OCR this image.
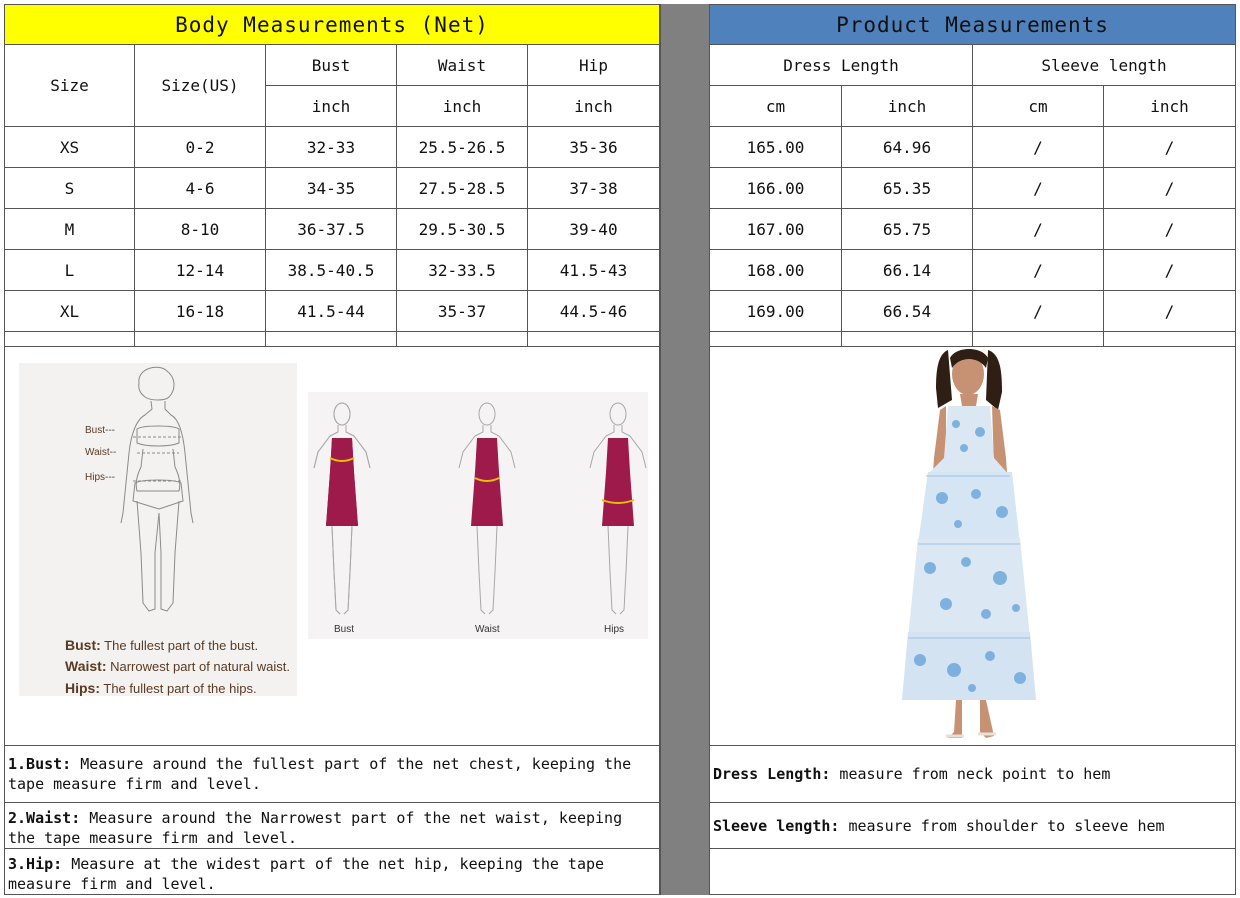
Body Measurements (Net)
Size	Size(US)
Bust	Waist	Hip
inch	inch	inch
XS	0-2	32-33	25.5-26.5	35-36
S	4-6	34-35	27.5-28.5	37-38
M	8-10	36-37.5	29.5-30.5	39-40
L	12-14	38.5-40.5	32-33.5	41.5-43
XL	16-18	41.5-44	35-37	44.5-46
Product Measurements
Dress Length	Sleeve length
cm	inch	cm	inch
165.00	64.96	/	/
166.00	65.35	/	/
167.00	65.75	/	/
168.00	66.14	/	/
169.00	66.54	/	/
Bust---
Waist--
Hips---
Bust: The fullest part of the bust.
Waist: Narrowest part of natural waist.
Hips: The fullest part of the hips.
Bust	Waist	Hips
1.Bust: Measure around the fullest part of the net chest, keeping the tape measure firm and level.
2.Waist: Measure around the Narrowest part of the net waist, keeping the tape measure firm and level.
3.Hip: Measure at the widest part of the net hip, keeping the tape measure firm and level.
Dress Length: measure from neck point to hem
Sleeve length: measure from shoulder to sleeve hem
